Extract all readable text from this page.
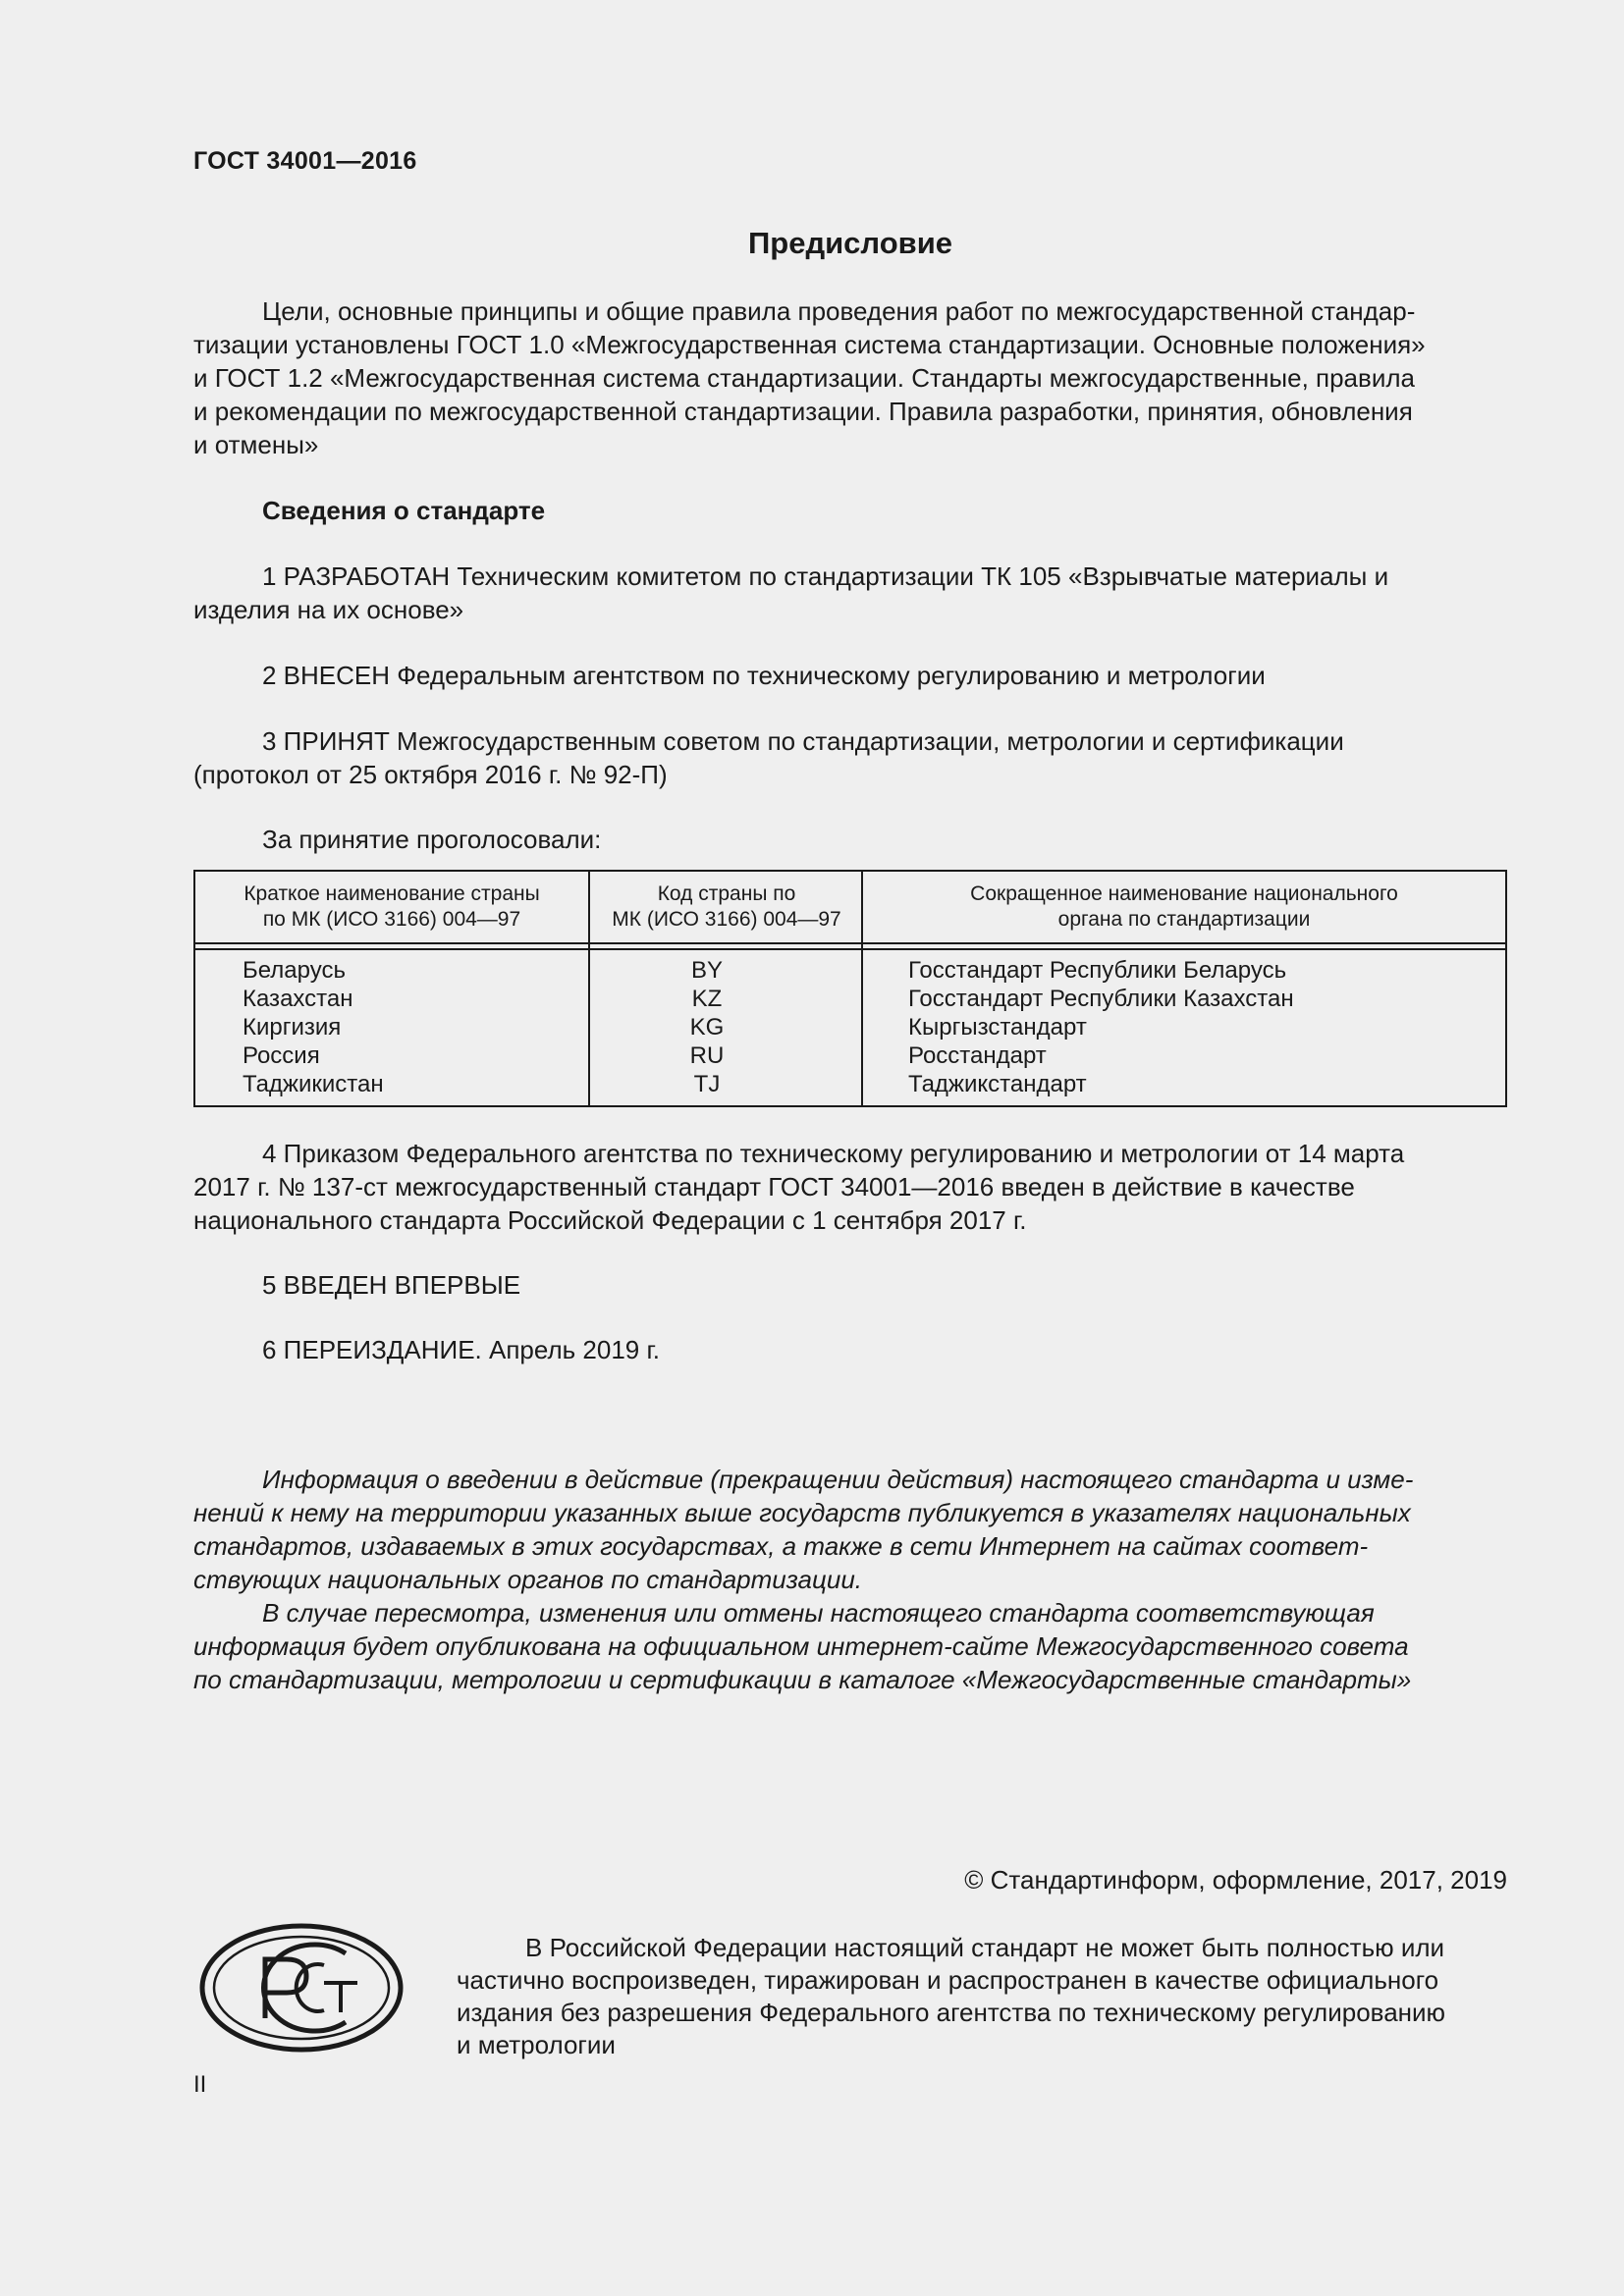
ГОСТ 34001—2016
Предисловие

Цели, основные принципы и общие правила проведения работ по межгосударственной стандар-

тизации установлены ГОСТ 1.0 «Межгосударственная система стандартизации. Основные положения»

и ГОСТ 1.2 «Межгосударственная система стандартизации. Стандарты межгосударственные, правила

и рекомендации по межгосударственной стандартизации. Правила разработки, принятия, обновления

и отмены»

Сведения о стандарте

1 РАЗРАБОТАН Техническим комитетом по стандартизации ТК 105 «Взрывчатые материалы и

изделия на их основе»

2 ВНЕСЕН Федеральным агентством по техническому регулированию и метрологии

3 ПРИНЯТ Межгосударственным советом по стандартизации, метрологии и сертификации

(протокол от 25 октября 2016 г. № 92-П)

За принятие проголосовали:

Краткое наименование страны
по МК (ИСО 3166) 004—97
Беларусь
Казахстан
Киргизия
Россия
Таджикистан
Код страны по
МК (ИСО 3166) 004—97
BY
KZ
KG
RU
TJ
Сокращенное наименование национального
органа по стандартизации
Госстандарт Республики Беларусь
Госстандарт Республики Казахстан
Кыргызстандарт
Росстандарт
Таджикстандарт

4 Приказом Федерального агентства по техническому регулированию и метрологии от 14 марта

2017 г. № 137-ст межгосударственный стандарт ГОСТ 34001—2016 введен в действие в качестве

национального стандарта Российской Федерации с 1 сентября 2017 г.

5 ВВЕДЕН ВПЕРВЫЕ

6 ПЕРЕИЗДАНИЕ. Апрель 2019 г.

Информация о введении в действие (прекращении действия) настоящего стандарта и изме-

нений к нему на территории указанных выше государств публикуется в указателях национальных

стандартов, издаваемых в этих государствах, а также в сети Интернет на сайтах соответ-

ствующих национальных органов по стандартизации.

В случае пересмотра, изменения или отмены настоящего стандарта соответствующая

информация будет опубликована на официальном интернет-сайте Межгосударственного совета

по стандартизации, метрологии и сертификации в каталоге «Межгосударственные стандарты»

© Стандартинформ, оформление, 2017, 2019
В Российской Федерации настоящий стандарт не может быть полностью или
частично воспроизведен, тиражирован и распространен в качестве официального
издания без разрешения Федерального агентства по техническому регулированию
и метрологии
II
